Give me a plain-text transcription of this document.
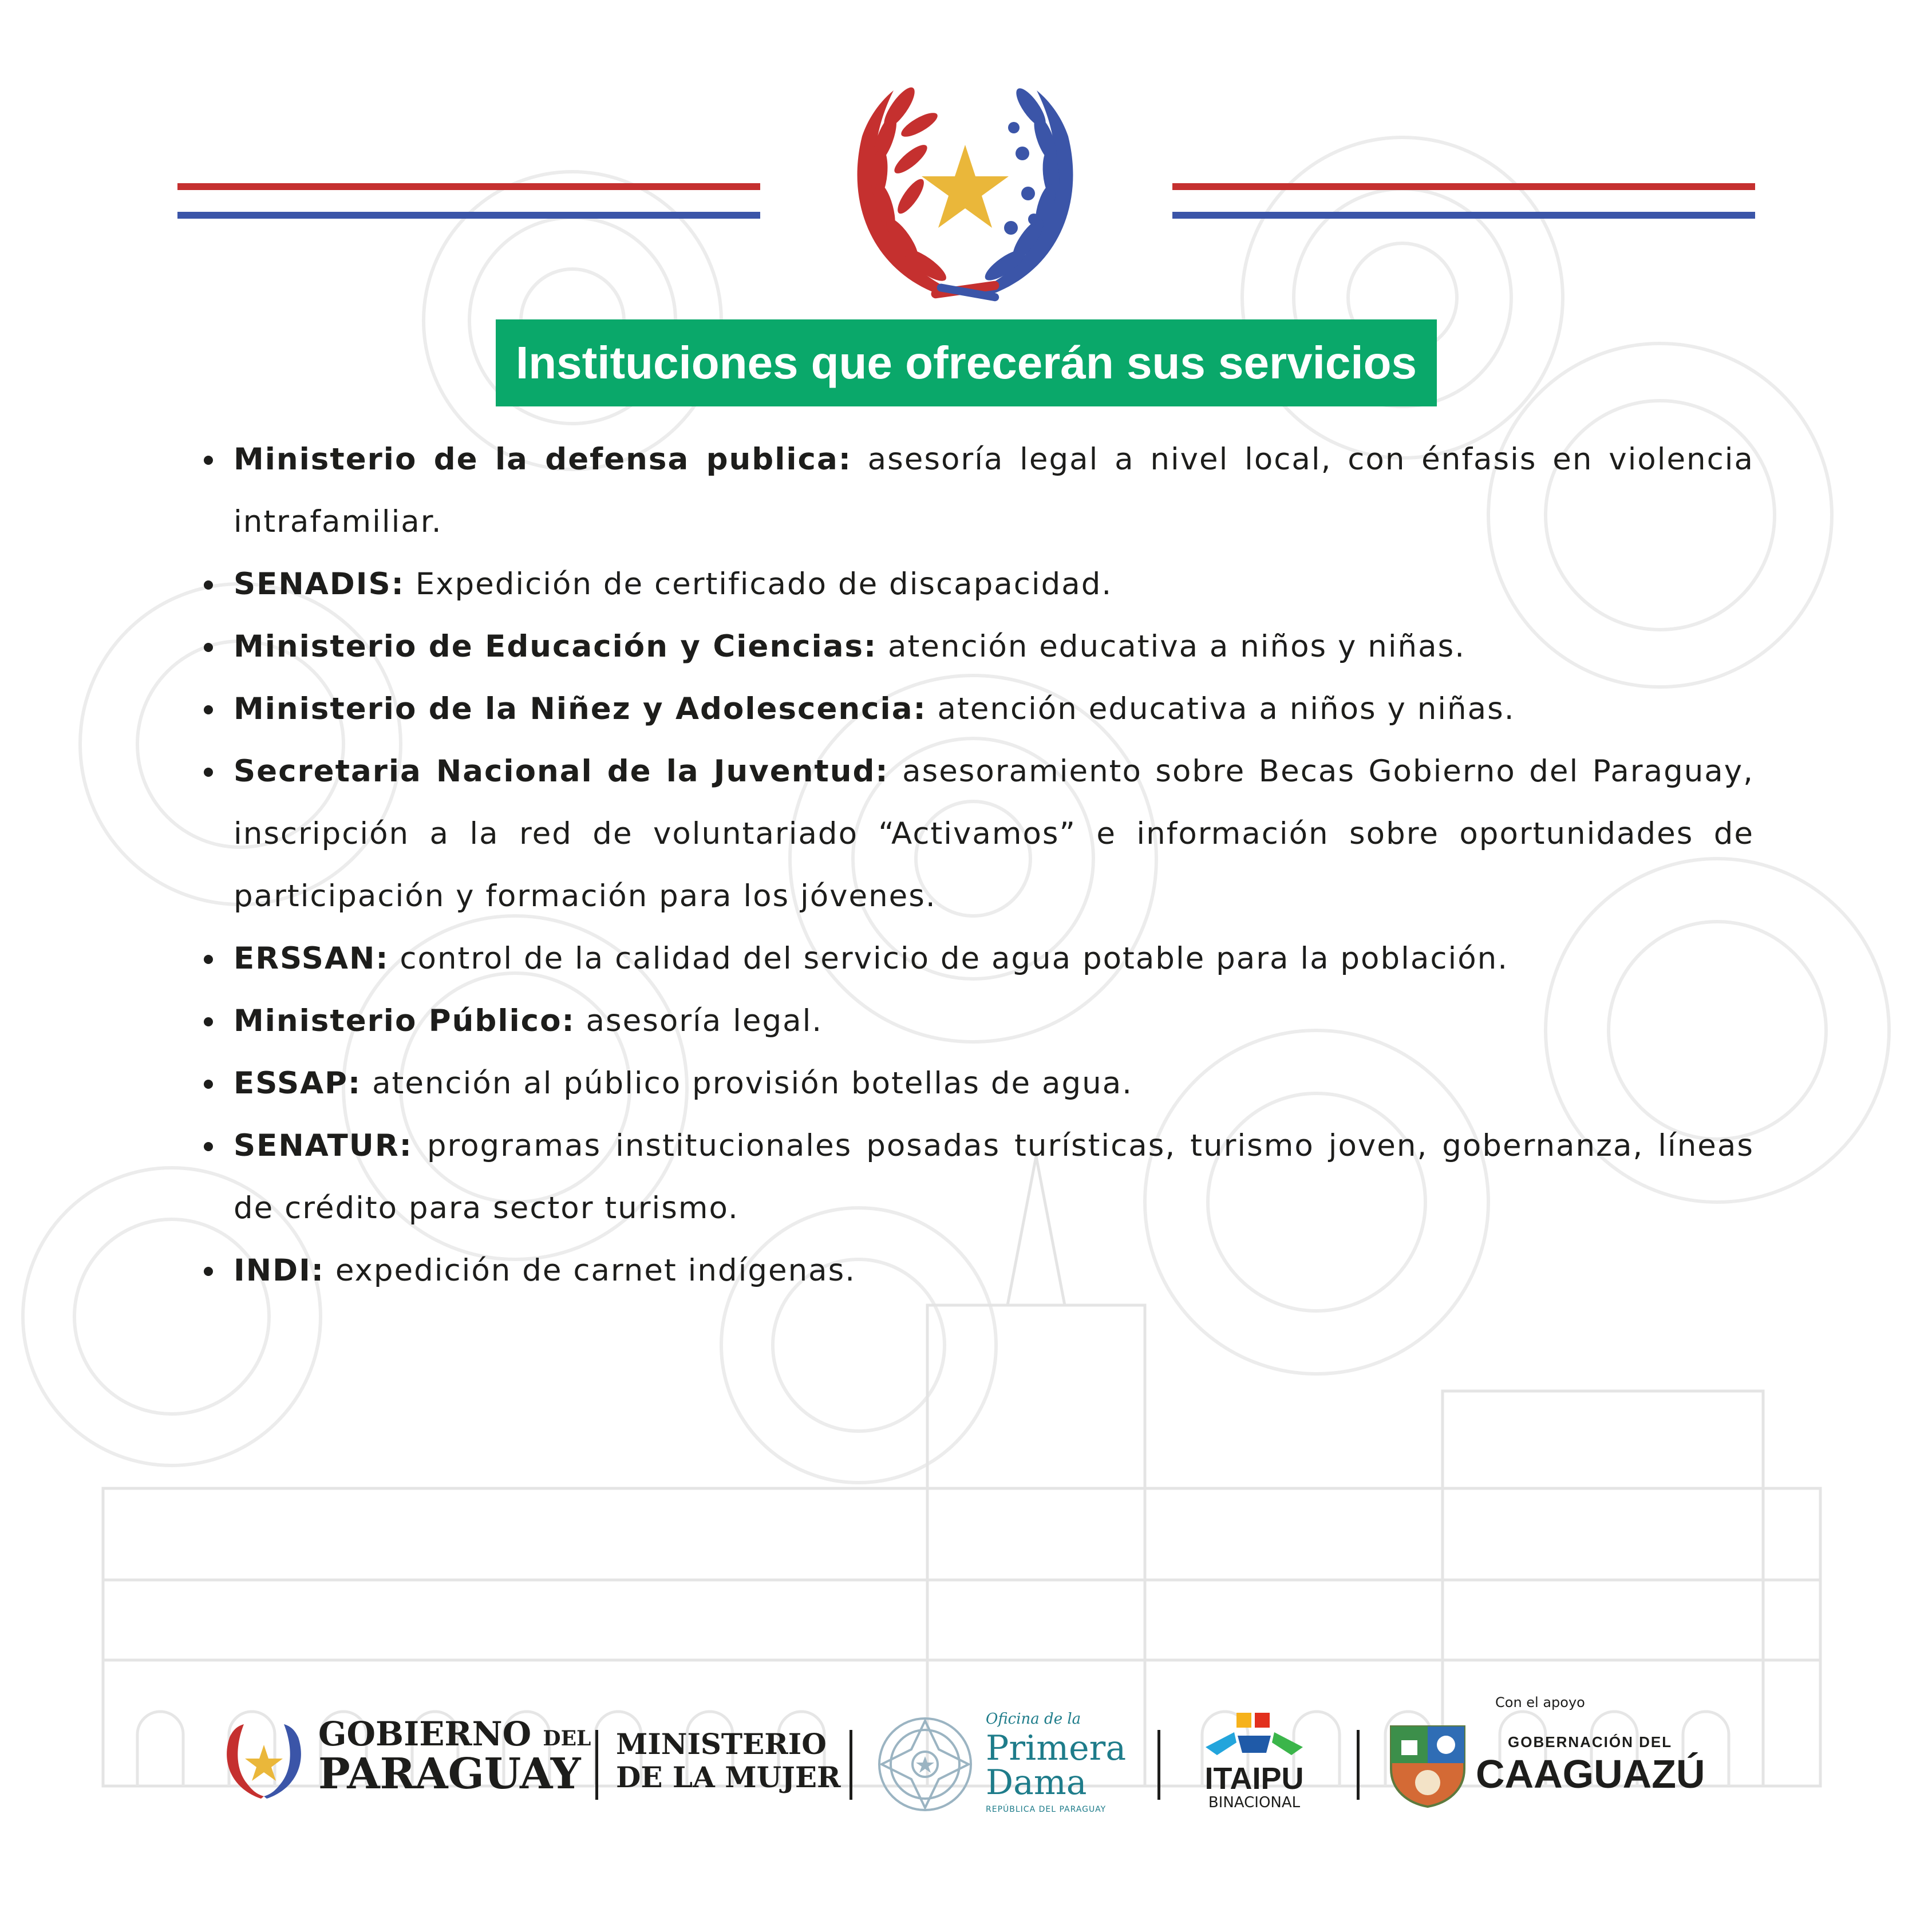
Instituciones que ofrecerán sus servicios
Ministerio de la defensa publica: asesoría legal a nivel local, con énfasis en violencia intrafamiliar.
SENADIS: Expedición de certificado de discapacidad.
Ministerio de Educación y Ciencias: atención educativa a niños y niñas.
Ministerio de la Niñez y Adolescencia: atención educativa a niños y niñas.
Secretaria Nacional de la Juventud: asesoramiento sobre Becas Gobierno del Paraguay, inscripción a la red de voluntariado “Activamos” e información sobre oportunidades de participación y formación para los jóvenes.
ERSSAN: control de la calidad del servicio de agua potable para la población.
Ministerio Público: asesoría legal.
ESSAP: atención al público provisión botellas de agua.
SENATUR: programas institucionales posadas turísticas, turismo joven, gobernanza, líneas de crédito para sector turismo.
INDI: expedición de carnet indígenas.
GOBIERNO DEL
PARAGUAY
MINISTERIO
DE LA MUJER
Oficina de la
Primera
Dama
REPÚBLICA DEL PARAGUAY
ITAIPU
BINACIONAL
Con el apoyo
GOBERNACIÓN DEL
CAAGUAZÚ
